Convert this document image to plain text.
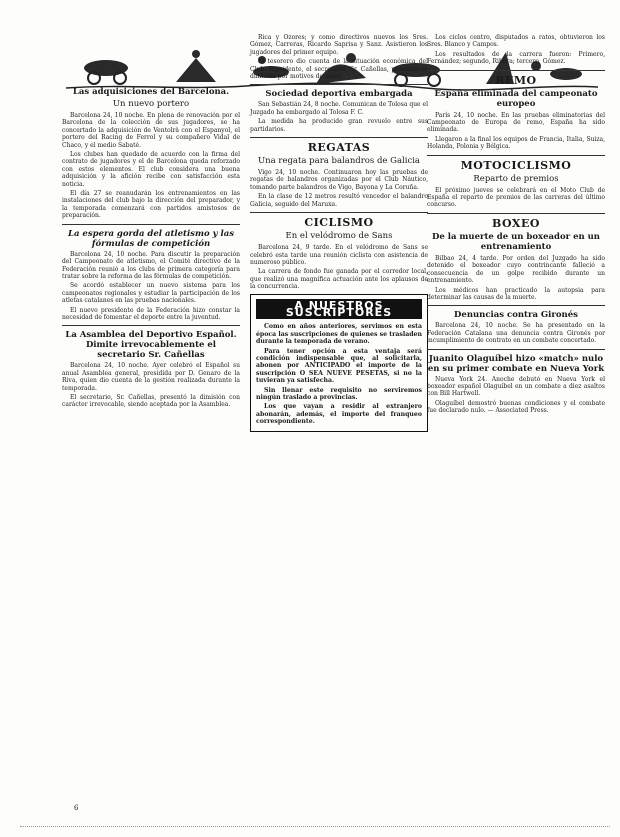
Las adquisiciones del Barcelona.
Un nuevo portero

Barcelona 24, 10 noche. En plena de renovación por el Barcelona de la colección de sus jugadores, se ha concertado la adquisición de Ventolrà con el Espanyol, el portero del Racing de Ferrol y su compañero Vidal de Chaco, y el medio Sabaté.

Los clubes han quedado de acuerdo con la firma del contrato de jugadores y el de Barcelona queda reforzado con estos elementos. El club considera una buena adquisición y la afición recibe con satisfacción esta noticia.

El día 27 se reanudarán los entrenamientos en las instalaciones del club bajo la dirección del preparador, y la temporada comenzará con partidos amistosos de preparación.

La espera gorda del atletismo y las fórmulas de competición

Barcelona 24, 10 noche. Para discutir la preparación del Campeonato de atletismo, el Comité directivo de la Federación reunió a los clubs de primera categoría para tratar sobre la reforma de las fórmulas de competición.

Se acordó establecer un nuevo sistema para los campeonatos regionales y estudiar la participación de los atletas catalanes en las pruebas nacionales.

El nuevo presidente de la Federación hizo constar la necesidad de fomentar el deporte entre la juventud.

La Asamblea del Deportivo Español. Dimite irrevocablemente el secretario Sr. Cañellas

Barcelona 24, 10 noche. Ayer celebró el Español su anual Asamblea general, presidida por D. Genaro de la Riva, quien dio cuenta de la gestión realizada durante la temporada.

El secretario, Sr. Cañellas, presentó la dimisión con carácter irrevocable, siendo aceptada por la Asamblea.

Rica y Ozores; y como directivos nuevos los Sres. Gómez, Carreras, Ricardo Saprisa y Sanz. Asistieron los jugadores del primer equipo.

El tesorero dio cuenta de la situación económica del Club. Presidente, el secretario, Sr. Cañellas, presentó su dimisión por motivos de salud.

Sociedad deportiva embargada

San Sebastián 24, 8 noche. Comunican de Tolosa que el Juzgado ha embargado al Tolosa F. C.

La medida ha producido gran revuelo entre sus partidarios.

REGATAS
Una regata para balandros de Galicia

Vigo 24, 10 noche. Continuaron hoy las pruebas de regatas de balandros organizadas por el Club Náutico, tomando parte balandros de Vigo, Bayona y La Coruña.

En la clase de 12 metros resultó vencedor el balandro Galicia, seguido del Maruxa.

CICLISMO
En el velódromo de Sans

Barcelona 24, 9 tarde. En el velódromo de Sans se celebró esta tarde una reunión ciclista con asistencia de numeroso público.

La carrera de fondo fue ganada por el corredor local, que realizó una magnífica actuación ante los aplausos de la concurrencia.

A NUESTROS SUSCRIPTORES

Como en años anteriores, servimos en esta época las suscripciones de quienes se trasladen durante la temporada de verano.

Para tener opción a esta ventaja será condición indispensable que, al solicitarla, abonen por ANTICIPADO el importe de la suscripción O SEA NUEVE PESETAS, si no la tuvieran ya satisfecha.

Sin llenar este requisito no serviremos ningún traslado a provincias.

Los que vayan a residir al extranjero abonarán, además, el importe del franqueo correspondiente.

Los ciclos centro, disputados a ratos, obtuvieron los Sres. Blanco y Campos.

Los resultados de la carrera fueron: Primero, Fernández; segundo, Ribera; tercero, Gómez.

REMO
España eliminada del campeonato europeo

París 24, 10 noche. En las pruebas eliminatorias del Campeonato de Europa de remo, España ha sido eliminada.

Llegaron a la final los equipos de Francia, Italia, Suiza, Holanda, Polonia y Bélgica.

MOTOCICLISMO
Reparto de premios

El próximo jueves se celebrará en el Moto Club de España el reparto de premios de las carreras del último concurso.

BOXEO
De la muerte de un boxeador en un entrenamiento

Bilbao 24, 4 tarde. Por orden del Juzgado ha sido detenido el boxeador cuyo contrincante falleció a consecuencia de un golpe recibido durante un entrenamiento.

Los médicos han practicado la autopsia para determinar las causas de la muerte.

Denuncias contra Gironés

Barcelona 24, 10 noche. Se ha presentado en la Federación Catalana una denuncia contra Gironés por incumplimiento de contrato en un combate concertado.

Juanito Olaguíbel hizo «match» nulo en su primer combate en Nueva York

Nueva York 24. Anoche debutó en Nueva York el boxeador español Olaguíbel en un combate a diez asaltos con Bill Hartwell.

Olaguíbel demostró buenas condiciones y el combate fue declarado nulo. — Associated Press.

6
